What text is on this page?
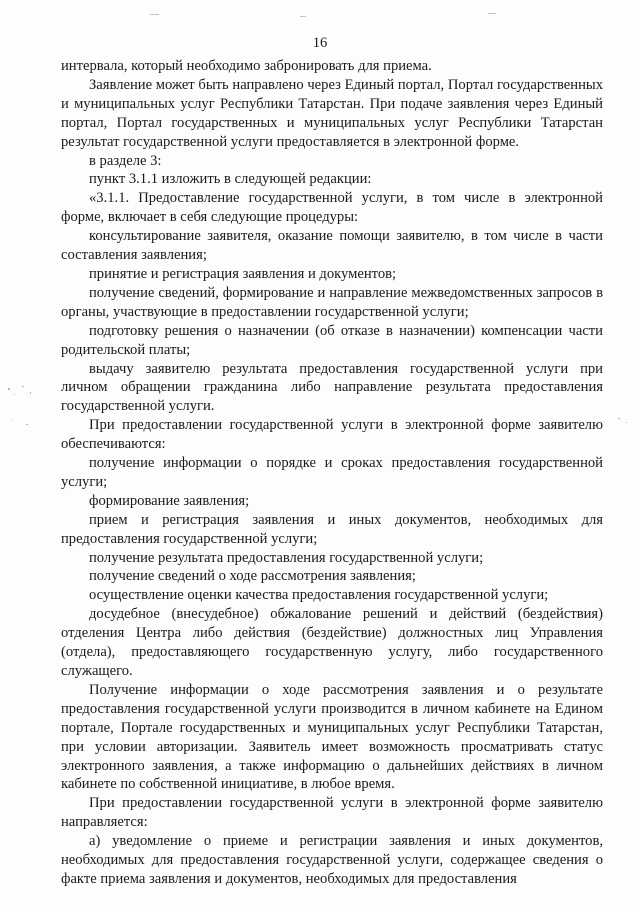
16

интервала, который необходимо забронировать для приема.

Заявление может быть направлено через Единый портал, Портал государственных и муниципальных услуг Республики Татарстан. При подаче заявления через Единый портал, Портал государственных и муниципальных услуг Республики Татарстан результат государственной услуги предоставляется в электронной форме.

в разделе 3:

пункт 3.1.1 изложить в следующей редакции:

«3.1.1. Предоставление государственной услуги, в том числе в электронной форме, включает в себя следующие процедуры:

консультирование заявителя, оказание помощи заявителю, в том числе в части составления заявления;

принятие и регистрация заявления и документов;

получение сведений, формирование и направление межведомственных запросов в органы, участвующие в предоставлении государственной услуги;

подготовку решения о назначении (об отказе в назначении) компенсации части родительской платы;

выдачу заявителю результата предоставления государственной услуги при личном обращении гражданина либо направление результата предоставления государственной услуги.

При предоставлении государственной услуги в электронной форме заявителю обеспечиваются:

получение информации о порядке и сроках предоставления государственной услуги;

формирование заявления;

прием и регистрация заявления и иных документов, необходимых для предоставления государственной услуги;

получение результата предоставления государственной услуги;

получение сведений о ходе рассмотрения заявления;

осуществление оценки качества предоставления государственной услуги;

досудебное (внесудебное) обжалование решений и действий (бездействия) отделения Центра либо действия (бездействие) должностных лиц Управления (отдела), предоставляющего государственную услугу, либо государственного служащего.

Получение информации о ходе рассмотрения заявления и о результате предоставления государственной услуги производится в личном кабинете на Едином портале, Портале государственных и муниципальных услуг Республики Татарстан, при условии авторизации. Заявитель имеет возможность просматривать статус электронного заявления, а также информацию о дальнейших действиях в личном кабинете по собственной инициативе, в любое время.

При предоставлении государственной услуги в электронной форме заявителю направляется:

а) уведомление о приеме и регистрации заявления и иных документов, необходимых для предоставления государственной услуги, содержащее сведения о факте приема заявления и документов, необходимых для предоставления
